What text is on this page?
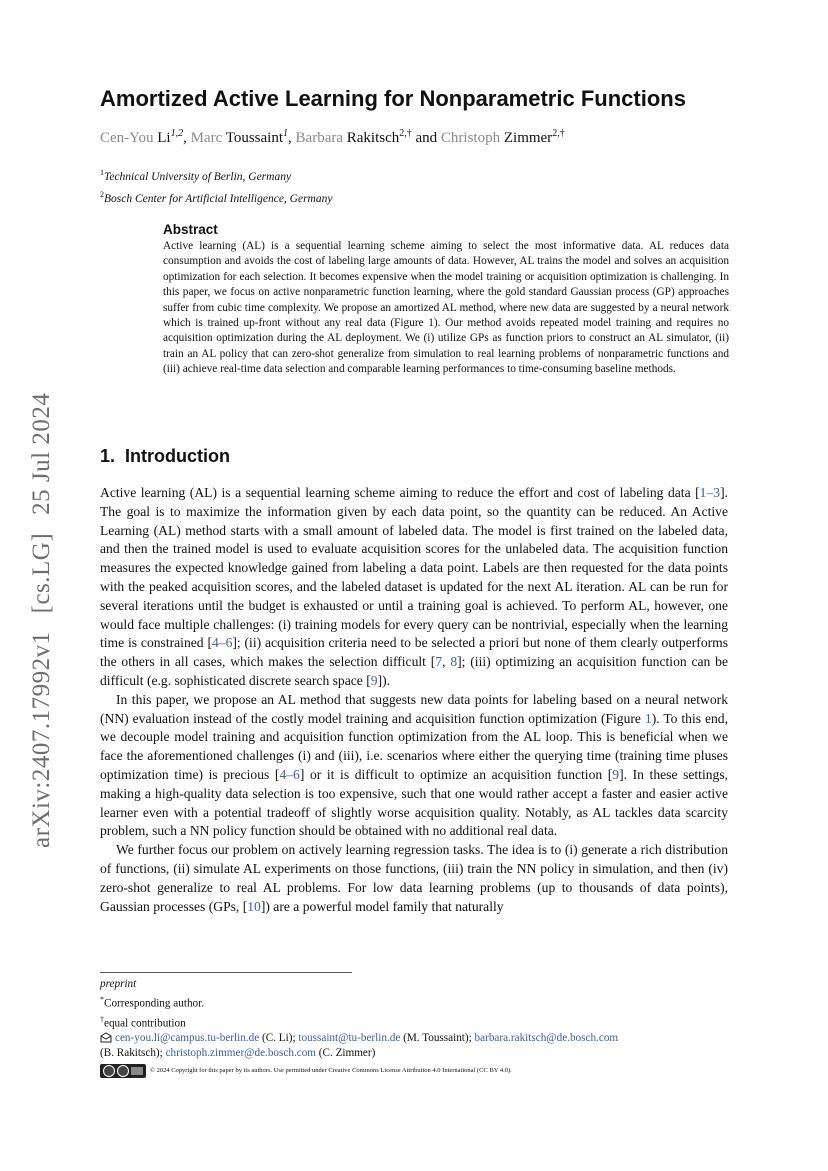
arXiv:2407.17992v1[cs.LG]25 Jul 2024
Amortized Active Learning for Nonparametric Functions
Cen-You Li$^{1,2}$, Marc Toussaint$^1$, Barbara Rakitsch$^{2,\dagger}$ and Christoph Zimmer$^{2,\dagger}$
$^1$Technical University of Berlin, Germany
$^2$Bosch Center for Artificial Intelligence, Germany
Abstract

Active learning (AL) is a sequential learning scheme aiming to select the most informative data. AL reduces data consumption and avoids the cost of labeling large amounts of data. However, AL trains the model and solves an acquisition optimization for each selection. It becomes expensive when the model training or acquisition optimization is challenging. In this paper, we focus on active nonparametric function learning, where the gold standard Gaussian process (GP) approaches suffer from cubic time complexity. We propose an amortized AL method, where new data are suggested by a neural network which is trained up-front without any real data (Figure 1). Our method avoids repeated model training and requires no acquisition optimization during the AL deployment. We (i) utilize GPs as function priors to construct an AL simulator, (ii) train an AL policy that can zero-shot generalize from simulation to real learning problems of nonparametric functions and (iii) achieve real-time data selection and comparable learning performances to time-consuming baseline methods.

1. Introduction

Active learning (AL) is a sequential learning scheme aiming to reduce the effort and cost of labeling data [1–3]. The goal is to maximize the information given by each data point, so the quantity can be reduced. An Active Learning (AL) method starts with a small amount of labeled data. The model is first trained on the labeled data, and then the trained model is used to evaluate acquisition scores for the unlabeled data. The acquisition function measures the expected knowledge gained from labeling a data point. Labels are then requested for the data points with the peaked acquisition scores, and the labeled dataset is updated for the next AL iteration. AL can be run for several iterations until the budget is exhausted or until a training goal is achieved. To perform AL, however, one would face multiple challenges: (i) training models for every query can be nontrivial, especially when the learning time is constrained [4–6]; (ii) acquisition criteria need to be selected a priori but none of them clearly outperforms the others in all cases, which makes the selection difficult [7, 8]; (iii) optimizing an acquisition function can be difficult (e.g. sophisticated discrete search space [9]).

In this paper, we propose an AL method that suggests new data points for labeling based on a neural network (NN) evaluation instead of the costly model training and acquisition function optimization (Figure 1). To this end, we decouple model training and acquisition function optimization from the AL loop. This is beneficial when we face the aforementioned challenges (i) and (iii), i.e. scenarios where either the querying time (training time pluses optimization time) is precious [4–6] or it is difficult to optimize an acquisition function [9]. In these settings, making a high-quality data selection is too expensive, such that one would rather accept a faster and easier active learner even with a potential tradeoff of slightly worse acquisition quality. Notably, as AL tackles data scarcity problem, such a NN policy function should be obtained with no additional real data.

We further focus our problem on actively learning regression tasks. The idea is to (i) generate a rich distribution of functions, (ii) simulate AL experiments on those functions, (iii) train the NN policy in simulation, and then (iv) zero-shot generalize to real AL problems. For low data learning problems (up to thousands of data points), Gaussian processes (GPs, [10]) are a powerful model family that naturally

preprint
*Corresponding author.
†equal contribution
cen-you.li@campus.tu-berlin.de (C. Li); toussaint@tu-berlin.de (M. Toussaint); barbara.rakitsch@de.bosch.com
(B. Rakitsch); christoph.zimmer@de.bosch.com (C. Zimmer)
© 2024 Copyright for this paper by its authors. Use permitted under Creative Commons License Attribution 4.0 International (CC BY 4.0).
